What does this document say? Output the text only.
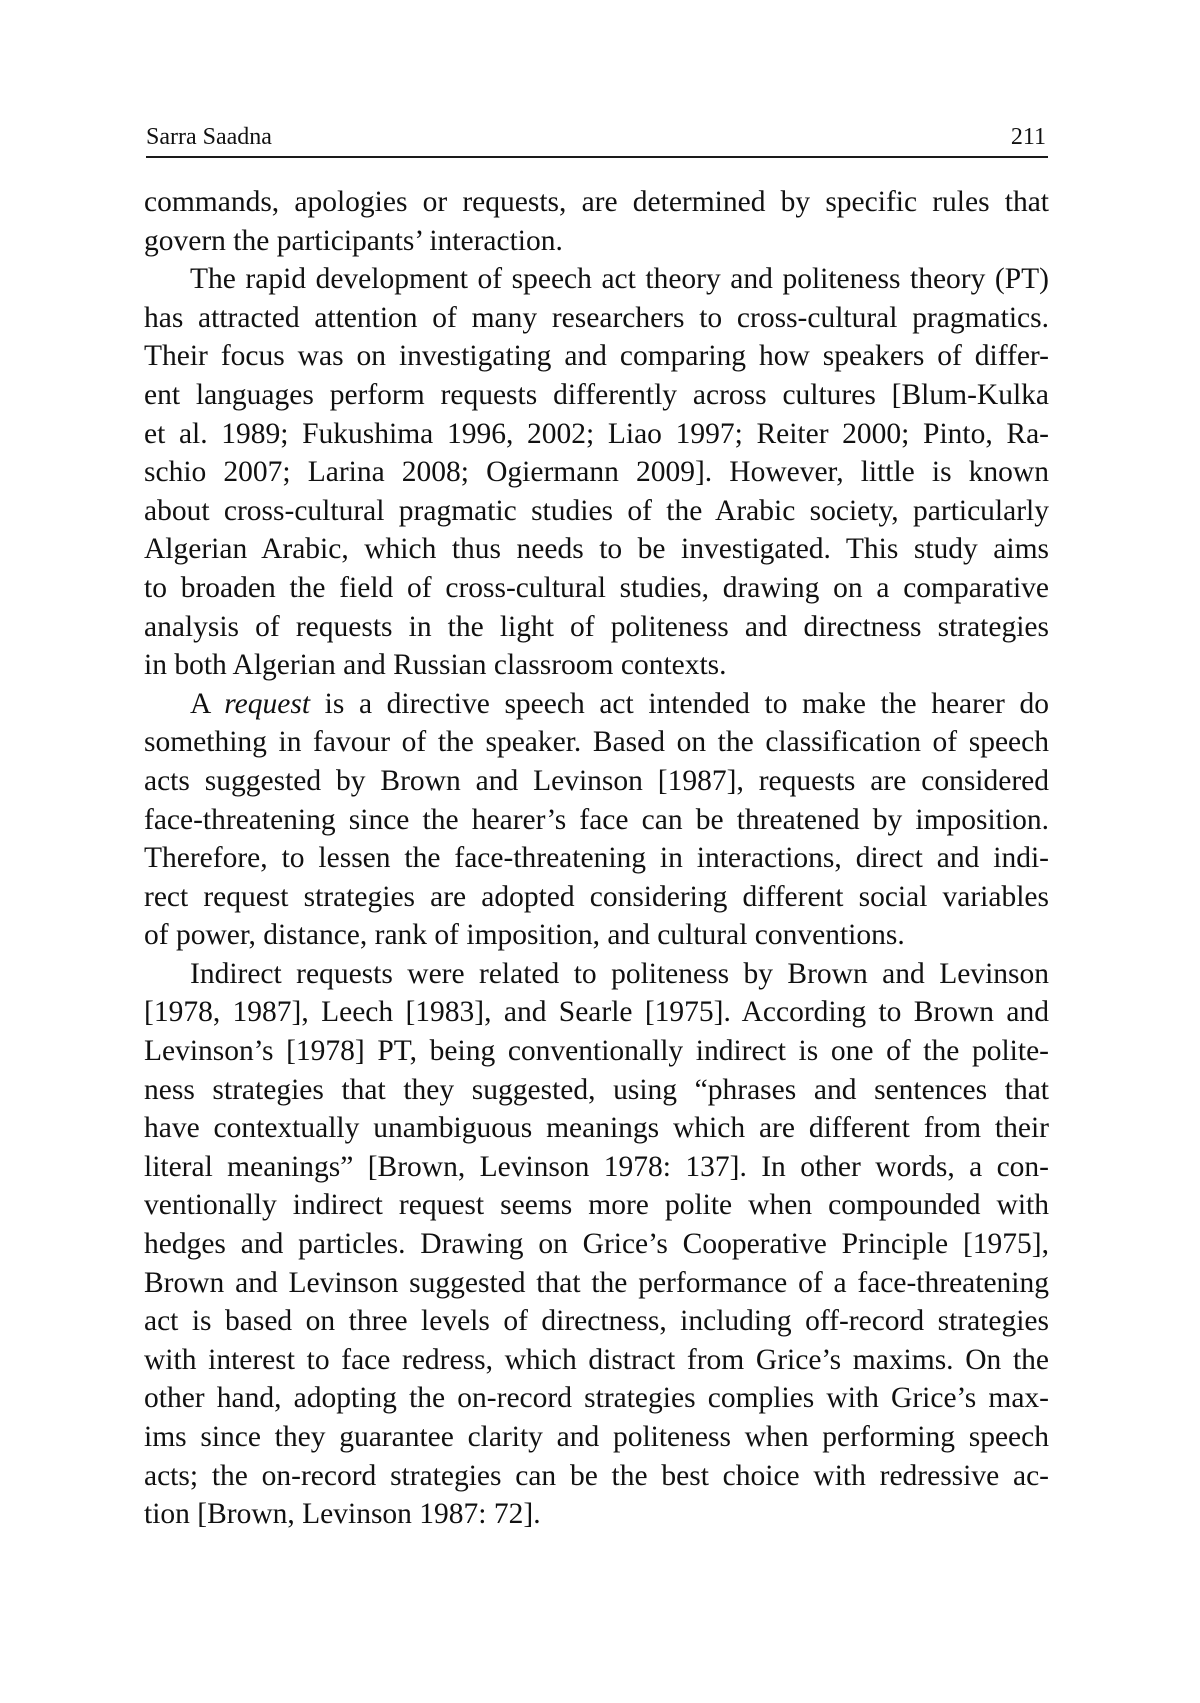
Sarra Saadna	211
commands, apologies or requests, are determined by specific rules that
govern the participants’ interaction.
The rapid development of speech act theory and politeness theory (PT)
has attracted attention of many researchers to cross-cultural pragmatics.
Their focus was on investigating and comparing how speakers of differ-
ent languages perform requests differently across cultures [Blum-Kulka
et al. 1989; Fukushima 1996, 2002; Liao 1997; Reiter 2000; Pinto, Ra-
schio 2007; Larina 2008; Ogiermann 2009]. However, little is known
about cross-cultural pragmatic studies of the Arabic society, particularly
Algerian Arabic, which thus needs to be investigated. This study aims
to broaden the field of cross-cultural studies, drawing on a comparative
analysis of requests in the light of politeness and directness strategies
in both Algerian and Russian classroom contexts.
A request is a directive speech act intended to make the hearer do
something in favour of the speaker. Based on the classification of speech
acts suggested by Brown and Levinson [1987], requests are considered
face-threatening since the hearer’s face can be threatened by imposition.
Therefore, to lessen the face-threatening in interactions, direct and indi-
rect request strategies are adopted considering different social variables
of power, distance, rank of imposition, and cultural conventions.
Indirect requests were related to politeness by Brown and Levinson
[1978, 1987], Leech [1983], and Searle [1975]. According to Brown and
Levinson’s [1978] PT, being conventionally indirect is one of the polite-
ness strategies that they suggested, using “phrases and sentences that
have contextually unambiguous meanings which are different from their
literal meanings” [Brown, Levinson 1978: 137]. In other words, a con-
ventionally indirect request seems more polite when compounded with
hedges and particles. Drawing on Grice’s Cooperative Principle [1975],
Brown and Levinson suggested that the performance of a face-threatening
act is based on three levels of directness, including off-record strategies
with interest to face redress, which distract from Grice’s maxims. On the
other hand, adopting the on-record strategies complies with Grice’s max-
ims since they guarantee clarity and politeness when performing speech
acts; the on-record strategies can be the best choice with redressive ac-
tion [Brown, Levinson 1987: 72].
